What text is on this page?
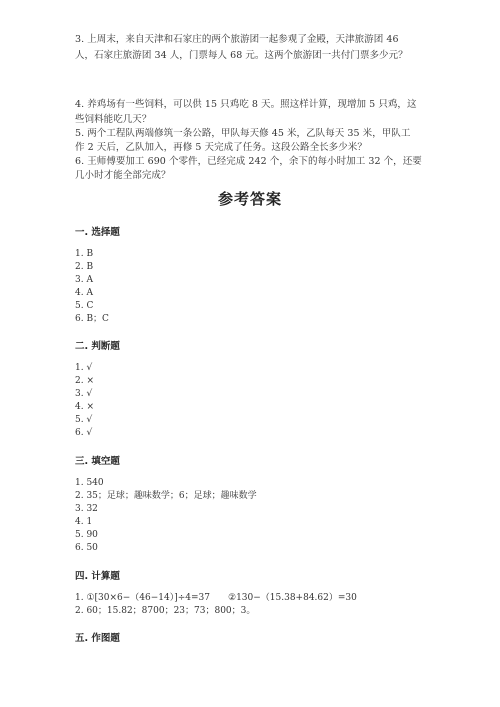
3. 上周末，来自天津和石家庄的两个旅游团一起参观了金殿，天津旅游团 46
人，石家庄旅游团 34 人，门票每人 68 元。这两个旅游团一共付门票多少元？
4. 养鸡场有一些饲料，可以供 15 只鸡吃 8 天。照这样计算，现增加 5 只鸡，这
些饲料能吃几天？
5. 两个工程队两端修筑一条公路，甲队每天修 45 米，乙队每天 35 米，甲队工
作 2 天后，乙队加入，再修 5 天完成了任务。这段公路全长多少米？
6. 王师傅要加工 690 个零件，已经完成 242 个，余下的每小时加工 32 个，还要
几小时才能全部完成？
参考答案
一. 选择题
1. B
2. B
3. A
4. A
5. C
6. B；C
二. 判断题
1. √
2. ×
3. √
4. ×
5. √
6. √
三. 填空题
1. 540
2. 35；足球；趣味数学；6；足球；趣味数学
3. 32
4. 1
5. 90
6. 50
四. 计算题
1. ①[30×6−（46−14）]÷4=37　　②130−（15.38+84.62）=30
2. 60；15.82；8700；23；73；800；3。
五. 作图题
